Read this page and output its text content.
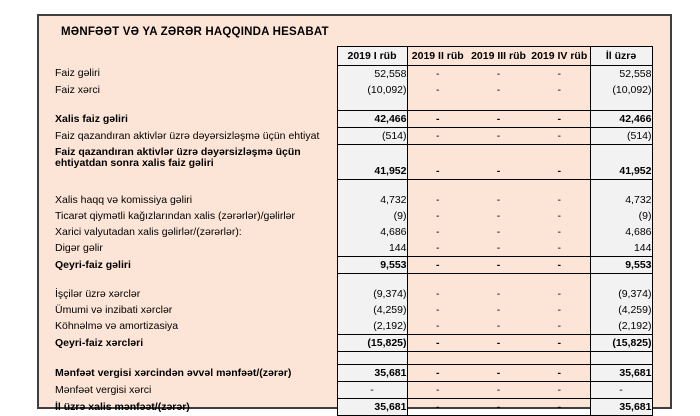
MƏNFƏƏT VƏ YA ZƏRƏR HAQQINDA HESABAT
	2019 I rüb	2019 II rüb	2019 III rüb	2019 IV rüb	İl üzrə
Faiz gəliri	52,558	-	-	-	52,558
Faiz xərci	(10,092)	-	-	-	(10,092)

Xalis faiz gəliri	42,466	-	-	-	42,466
Faiz qazandıran aktivlər üzrə dəyərsizləşmə üçün ehtiyat	(514)	-	-	-	(514)
Faiz qazandıran aktivlər üzrə dəyərsizləşmə üçün ehtiyatdan sonra xalis faiz gəliri	41,952	-	-	-	41,952

Xalis haqq və komissiya gəliri	4,732	-	-	-	4,732
Ticarət qiymətli kağızlarından xalis (zərərlər)/gəlirlər	(9)	-	-	-	(9)
Xarici valyutadan xalis gəlirlər/(zərərlər):	4,686	-	-	-	4,686
Digər gəlir	144	-	-	-	144
Qeyri-faiz gəliri	9,553	-	-	-	9,553

İşçilər üzrə xərclər	(9,374)	-	-	-	(9,374)
Ümumi və inzibati xərclər	(4,259)	-	-	-	(4,259)
Köhnəlmə və amortizasiya	(2,192)	-	-	-	(2,192)
Qeyri-faiz xərcləri	(15,825)	-	-	-	(15,825)

Mənfəət vergisi xərcindən əvvəl mənfəət/(zərər)	35,681	-	-	-	35,681
Mənfəət vergisi xərci	-	-	-	-	-
İl üzrə xalis mənfəət/(zərər)	35,681	-	-	-	35,681
